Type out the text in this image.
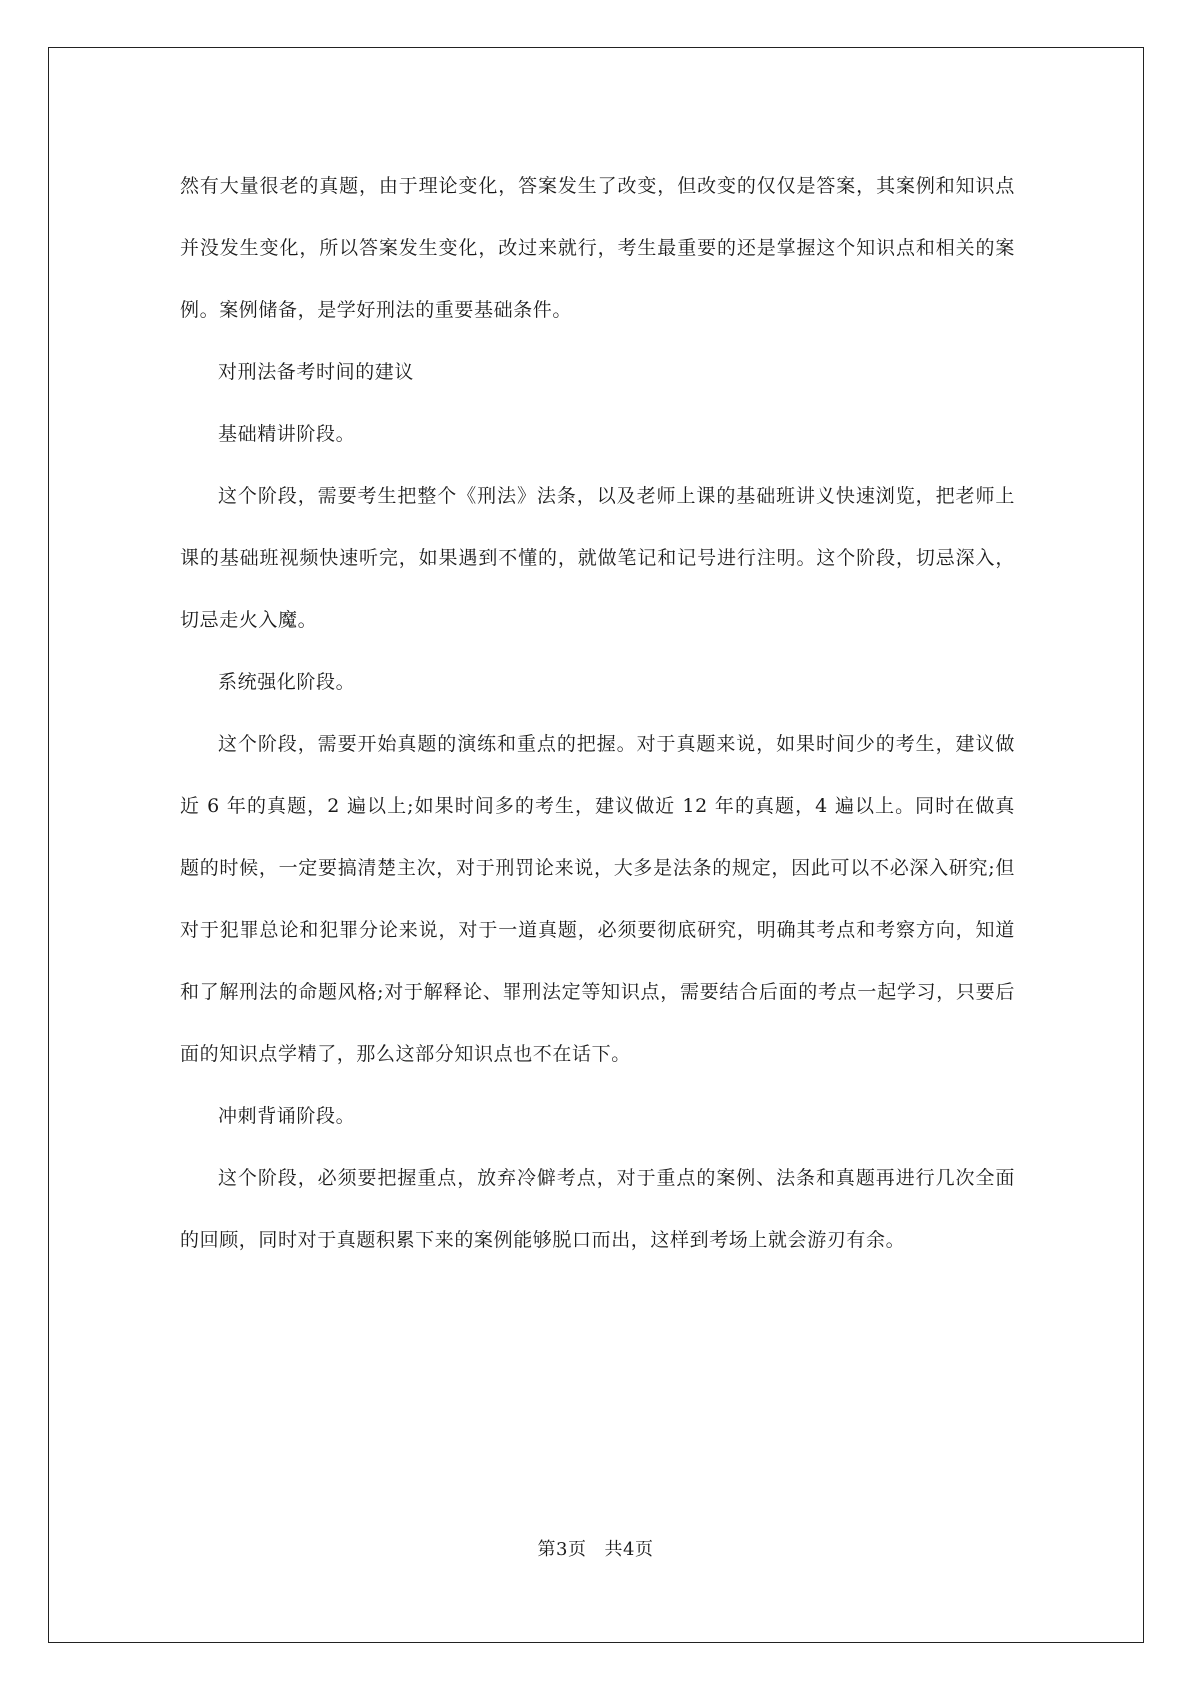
然有大量很老的真题，由于理论变化，答案发生了改变，但改变的仅仅是答案，其案例和知识点并没发生变化，所以答案发生变化，改过来就行，考生最重要的还是掌握这个知识点和相关的案例。案例储备，是学好刑法的重要基础条件。

对刑法备考时间的建议

基础精讲阶段。

这个阶段，需要考生把整个《刑法》法条，以及老师上课的基础班讲义快速浏览，把老师上课的基础班视频快速听完，如果遇到不懂的，就做笔记和记号进行注明。这个阶段，切忌深入，切忌走火入魔。

系统强化阶段。

这个阶段，需要开始真题的演练和重点的把握。对于真题来说，如果时间少的考生，建议做近 6 年的真题，2 遍以上;如果时间多的考生，建议做近 12 年的真题，4 遍以上。同时在做真题的时候，一定要搞清楚主次，对于刑罚论来说，大多是法条的规定，因此可以不必深入研究;但对于犯罪总论和犯罪分论来说，对于一道真题，必须要彻底研究，明确其考点和考察方向，知道和了解刑法的命题风格;对于解释论、罪刑法定等知识点，需要结合后面的考点一起学习，只要后面的知识点学精了，那么这部分知识点也不在话下。

冲刺背诵阶段。

这个阶段，必须要把握重点，放弃冷僻考点，对于重点的案例、法条和真题再进行几次全面的回顾，同时对于真题积累下来的案例能够脱口而出，这样到考场上就会游刃有余。

第3页 共4页
